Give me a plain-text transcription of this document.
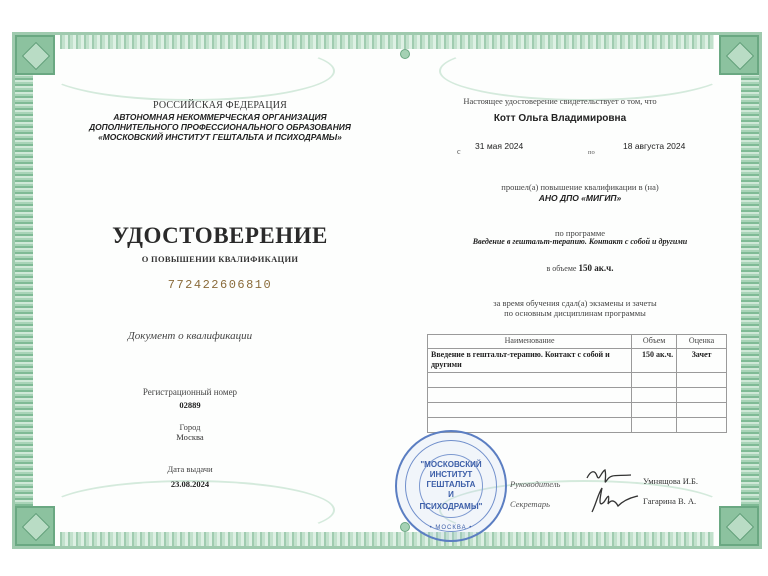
РОССИЙСКАЯ ФЕДЕРАЦИЯ
АВТОНОМНАЯ НЕКОММЕРЧЕСКАЯ ОРГАНИЗАЦИЯ
ДОПОЛНИТЕЛЬНОГО ПРОФЕССИОНАЛЬНОГО ОБРАЗОВАНИЯ
«МОСКОВСКИЙ ИНСТИТУТ ГЕШТАЛЬТА И ПСИХОДРАМЫ»
УДОСТОВЕРЕНИЕ
О ПОВЫШЕНИИ КВАЛИФИКАЦИИ
772422606810
Документ о квалификации
Регистрационный номер
02889
Город
Москва
Дата выдачи
23.08.2024
Настоящее удостоверение свидетельствует о том, что
Котт Ольга Владимировна
с
31 мая 2024
по
18 августа 2024
прошел(а) повышение квалификации в (на)
АНО ДПО «МИГИП»
по программе
Введение в гештальт-терапию. Контакт с собой и другими
в объеме 150 ак.ч.
за время обучения сдал(а) экзамены и зачеты
по основным дисциплинам программы
Наименование	Объем	Оценка
Введение в гештальт-терапию. Контакт с собой и другими	150 ак.ч.	Зачет

"МОСКОВСКИЙ
ИНСТИТУТ
ГЕШТАЛЬТА
И
ПСИХОДРАМЫ"
• МОСКВА •
Руководитель
Секретарь
Умнящова И.Б.
Гагарина В. А.
